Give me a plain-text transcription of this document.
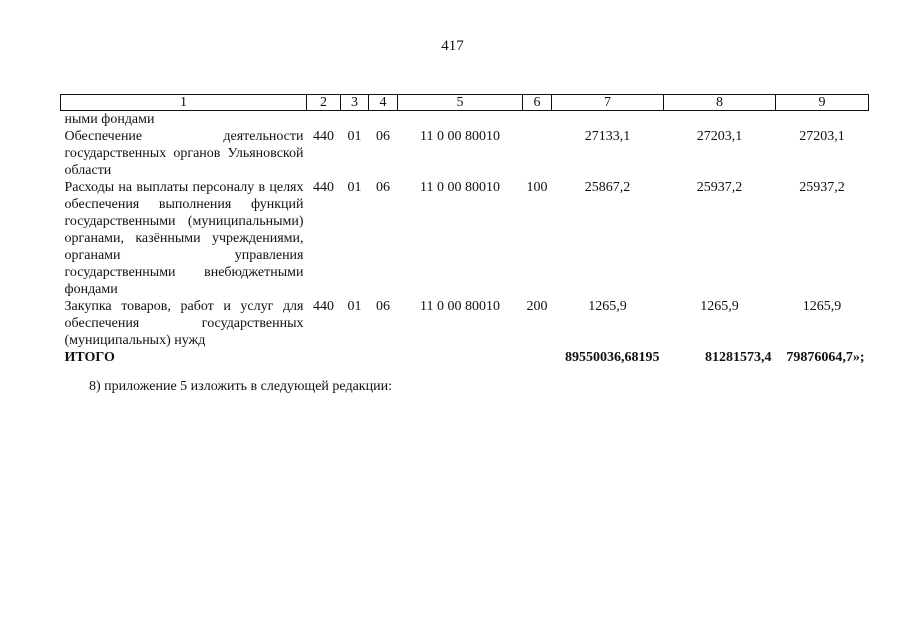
417
1	2	3	4	5	6	7	8	9
ными фондами								
Обеспечение деятельности государственных органов Ульяновской области	440	01	06	11 0 00 80010		27133,1	27203,1	27203,1
Расходы на выплаты персоналу в целях обеспечения выполнения функций государственными (муниципальными) органами, казёнными учреждениями, органами управления государственными внебюджетными фондами	440	01	06	11 0 00 80010	100	25867,2	25937,2	25937,2
Закупка товаров, работ и услуг для обеспечения государственных (муниципальных) нужд	440	01	06	11 0 00 80010	200	1265,9	1265,9	1265,9
ИТОГО						89550036,68195	81281573,4	79876064,7»;
8) приложение 5 изложить в следующей редакции:
